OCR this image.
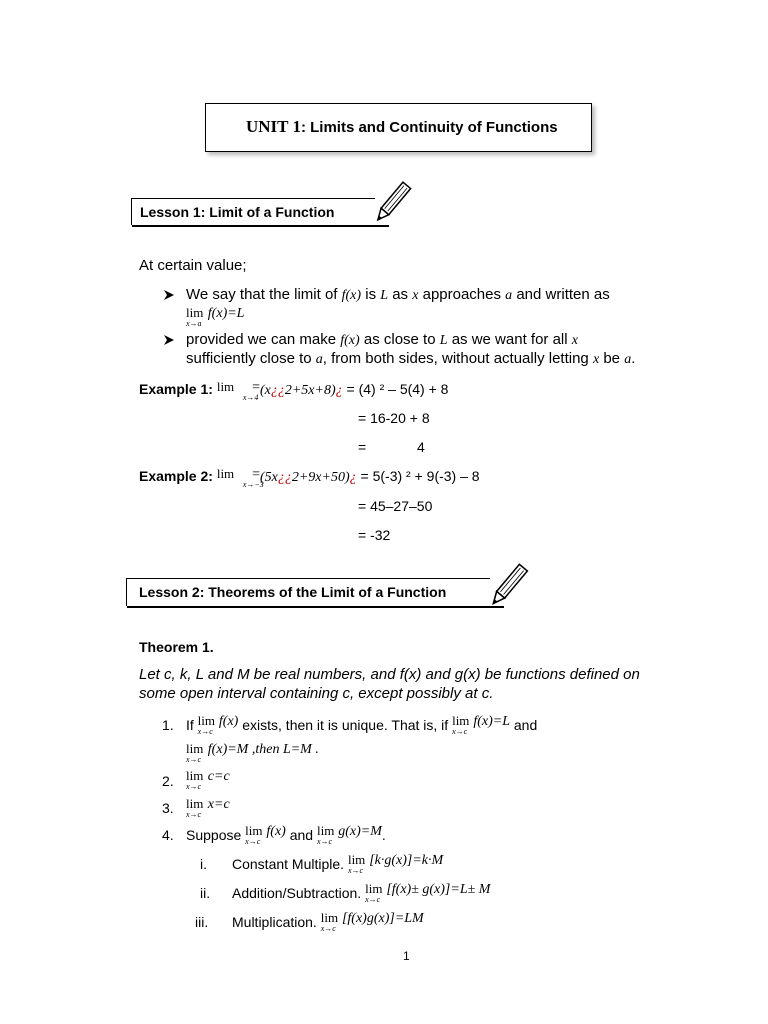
UNIT 1: Limits and Continuity of Functions
Lesson 1: Limit of a Function
At certain value;
We say that the limit of f(x) is L as x approaches a and written as
lim
x→a
f(x)=L
provided we can make f(x) as close to L as we want for all x
sufficiently close to a, from both sides, without actually letting x be a.
Example 1: lim
x→4
=(x¿¿2+5x+8)¿ = (4) ² – 5(4) + 8
= 16-20 + 8
=	4
Example 2: lim
x→−3
=(5x¿¿2+9x+50)¿ = 5(-3) ² + 9(-3) – 8
= 45–27–50
= -32
Lesson 2: Theorems of the Limit of a Function
Theorem 1.
Let c, k, L and M be real numbers, and f(x) and g(x) be functions defined on
some open interval containing c, except possibly at c.
1. If lim
x→c
f(x) exists, then it is unique. That is, if lim
x→c
f(x)=L and
lim
x→c
f(x)=M ,then L=M .
2. lim
x→c
c=c
3. lim
x→c
x=c
4. Suppose lim
x→c
f(x) and lim
x→c
g(x)=M.
i. Constant Multiple. lim
x→c
[k·g(x)]=k·M
ii. Addition/Subtraction. lim
x→c
[f(x)± g(x)]=L± M
iii. Multiplication. lim
x→c
[f(x)g(x)]=LM
1
